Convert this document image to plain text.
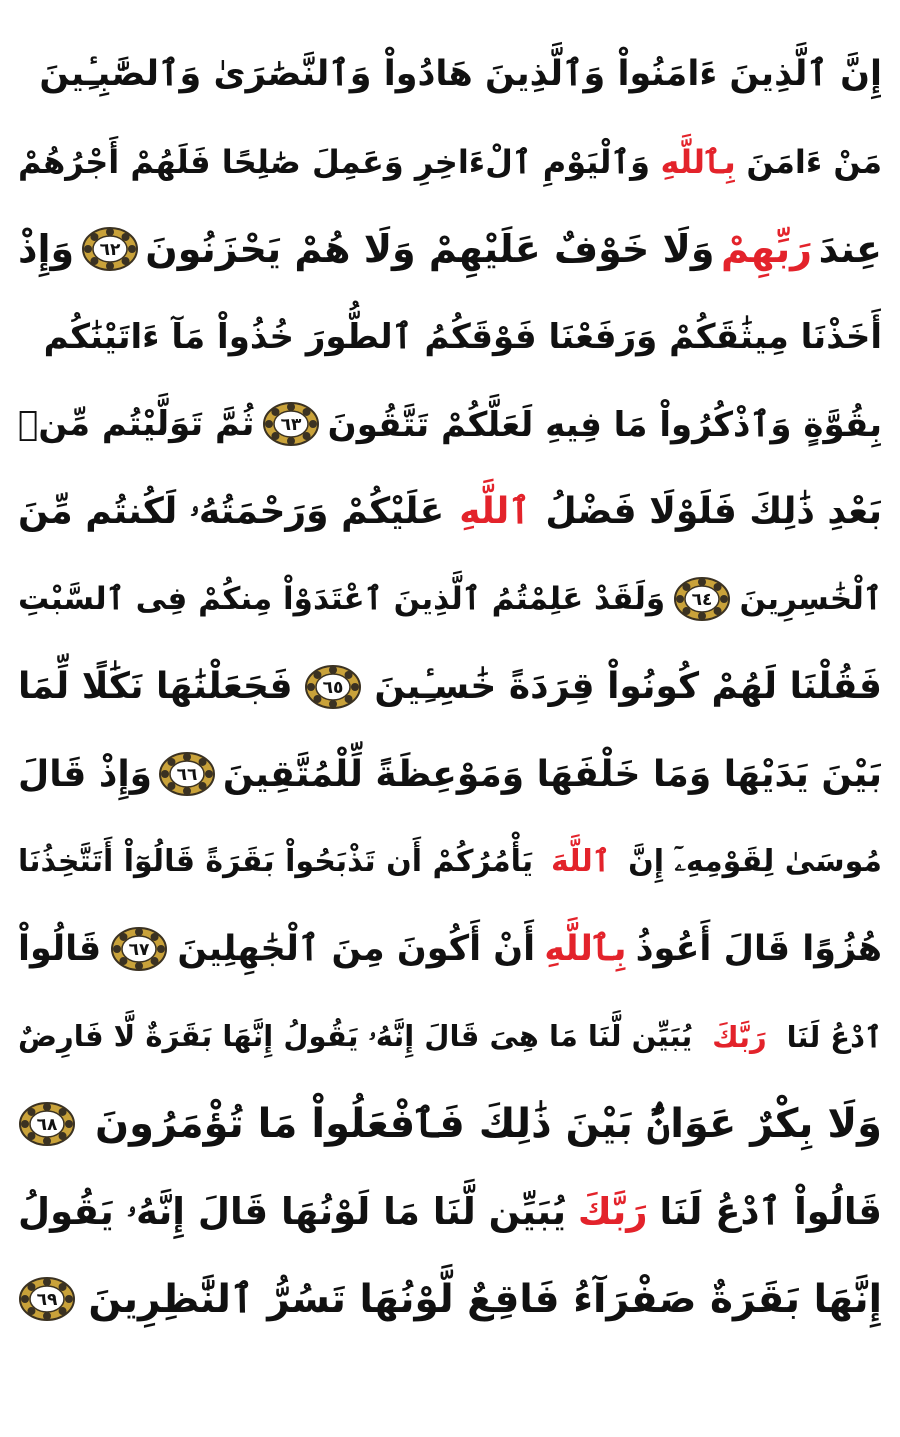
إِنَّ ٱلَّذِينَ ءَامَنُواْ وَٱلَّذِينَ هَادُواْ وَٱلنَّصَٰرَىٰ وَٱلصَّٰبِـِٔينَ
مَنْ ءَامَنَ
بِٱللَّهِ
وَٱلْيَوْمِ ٱلْءَاخِرِ وَعَمِلَ صَٰلِحًا فَلَهُمْ أَجْرُهُمْ
عِندَ
رَبِّهِمْ
وَلَا خَوْفٌ عَلَيْهِمْ وَلَا هُمْ يَحْزَنُونَ
٦٢
وَإِذْ
أَخَذْنَا مِيثَٰقَكُمْ وَرَفَعْنَا فَوْقَكُمُ ٱلطُّورَ خُذُواْ مَآ ءَاتَيْنَٰكُم
بِقُوَّةٍ وَٱذْكُرُواْ مَا فِيهِ لَعَلَّكُمْ تَتَّقُونَ
٦٣
ثُمَّ تَوَلَّيْتُم مِّنۢ
بَعْدِ ذَٰلِكَ فَلَوْلَا فَضْلُ
ٱللَّهِ
عَلَيْكُمْ وَرَحْمَتُهُۥ لَكُنتُم مِّنَ
ٱلْخَٰسِرِينَ
٦٤
وَلَقَدْ عَلِمْتُمُ ٱلَّذِينَ ٱعْتَدَوْاْ مِنكُمْ فِى ٱلسَّبْتِ
فَقُلْنَا لَهُمْ كُونُواْ قِرَدَةً خَٰسِـِٔينَ
٦٥
فَجَعَلْنَٰهَا نَكَٰلًا لِّمَا
بَيْنَ يَدَيْهَا وَمَا خَلْفَهَا وَمَوْعِظَةً لِّلْمُتَّقِينَ
٦٦
وَإِذْ قَالَ
مُوسَىٰ لِقَوْمِهِۦٓ إِنَّ
ٱللَّهَ
يَأْمُرُكُمْ أَن تَذْبَحُواْ بَقَرَةً قَالُوٓاْ أَتَتَّخِذُنَا
هُزُوًا قَالَ أَعُوذُ
بِٱللَّهِ
أَنْ أَكُونَ مِنَ ٱلْجَٰهِلِينَ
٦٧
قَالُواْ
ٱدْعُ لَنَا
رَبَّكَ
يُبَيِّن لَّنَا مَا هِىَ قَالَ إِنَّهُۥ يَقُولُ إِنَّهَا بَقَرَةٌ لَّا فَارِضٌ
وَلَا بِكْرٌ عَوَانٌۢ بَيْنَ ذَٰلِكَ فَٱفْعَلُواْ مَا تُؤْمَرُونَ
٦٨
قَالُواْ ٱدْعُ لَنَا
رَبَّكَ
يُبَيِّن لَّنَا مَا لَوْنُهَا قَالَ إِنَّهُۥ يَقُولُ
إِنَّهَا بَقَرَةٌ صَفْرَآءُ فَاقِعٌ لَّوْنُهَا تَسُرُّ ٱلنَّٰظِرِينَ
٦٩
